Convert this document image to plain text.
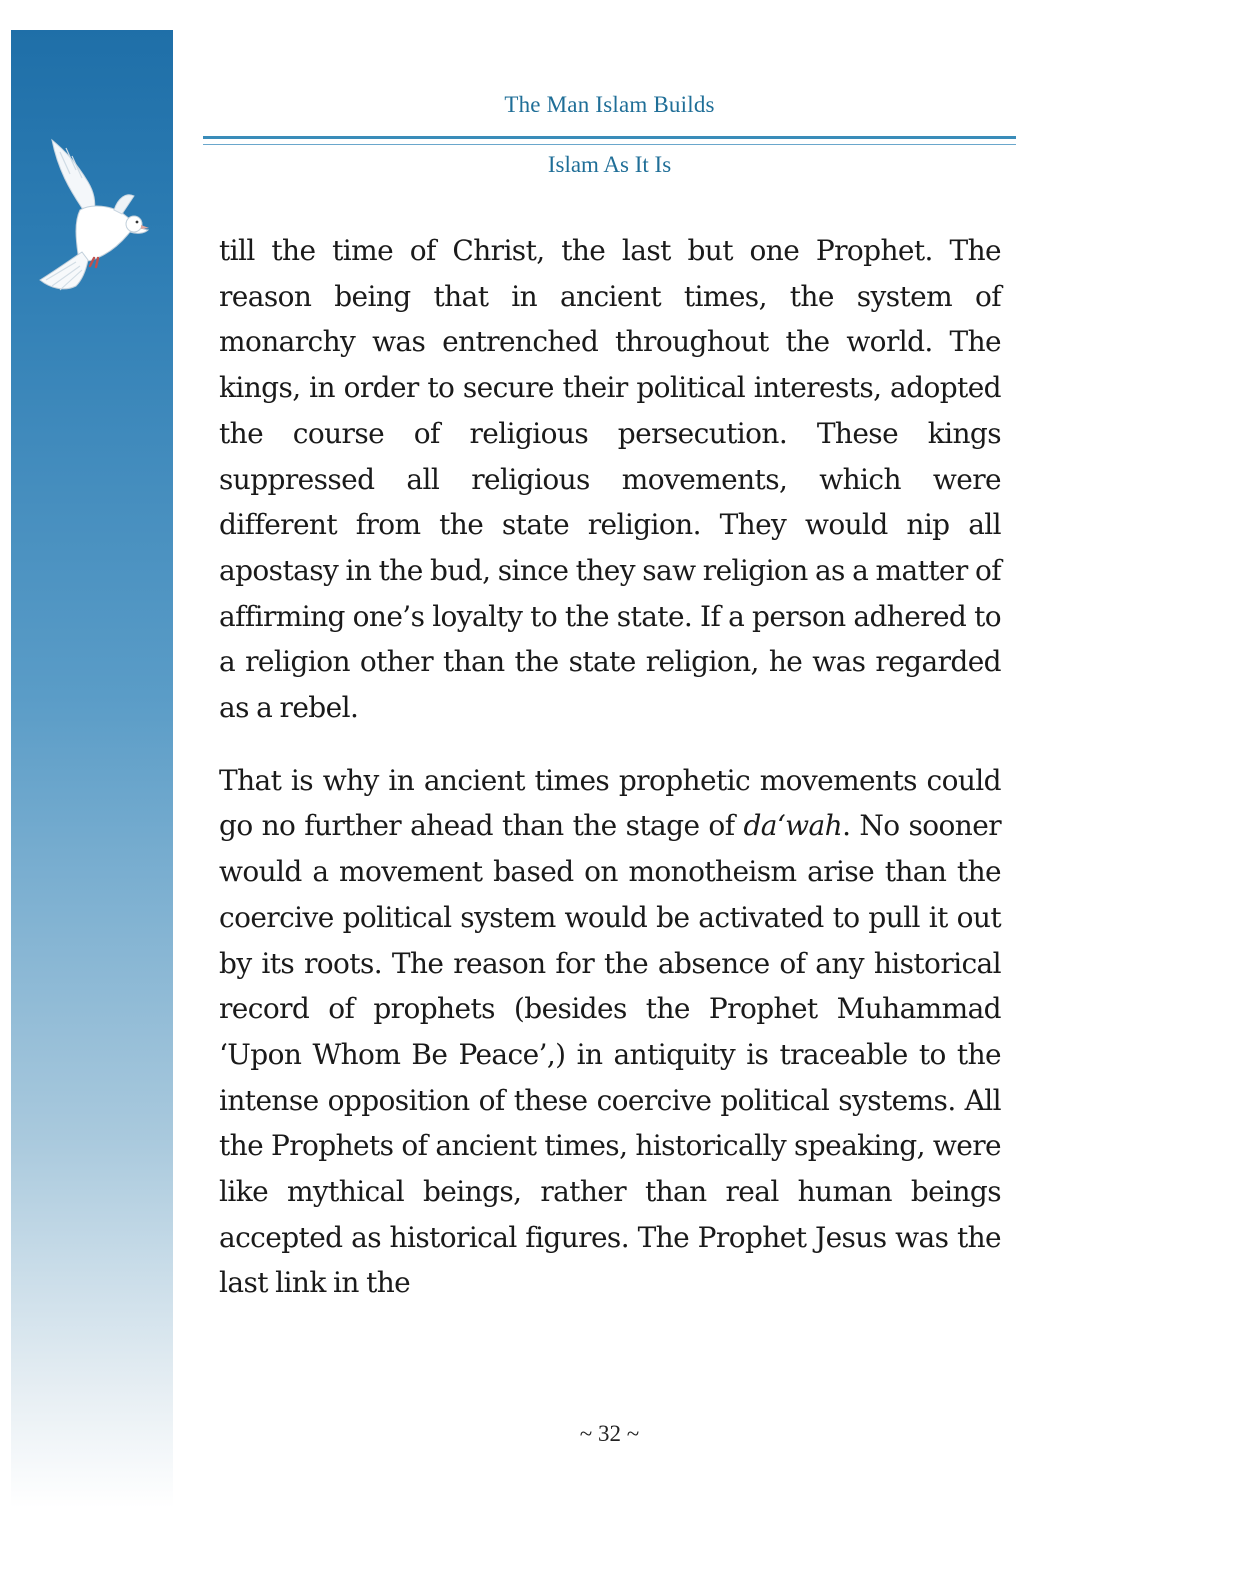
The Man Islam Builds
Islam As It Is

till the time of Christ, the last but one Prophet. The reason being that in ancient times, the system of monarchy was entrenched throughout the world. The kings, in order to secure their political interests, adopted the course of religious persecution. These kings suppressed all religious movements, which were different from the state religion. They would nip all apostasy in the bud, since they saw religion as a matter of affirming one’s loyalty to the state. If a person adhered to a religion other than the state religion, he was regarded as a rebel.

That is why in ancient times prophetic movements could go no further ahead than the stage of da‘wah. No sooner would a movement based on monotheism arise than the coercive political system would be activated to pull it out by its roots. The reason for the absence of any historical record of prophets (besides the Prophet Muhammad ‘Upon Whom Be Peace’,) in antiquity is traceable to the intense opposition of these coercive political systems. All the Prophets of ancient times, historically speaking, were like mythical beings, rather than real human beings accepted as historical figures. The Prophet Jesus was the last link in the

~ 32 ~
